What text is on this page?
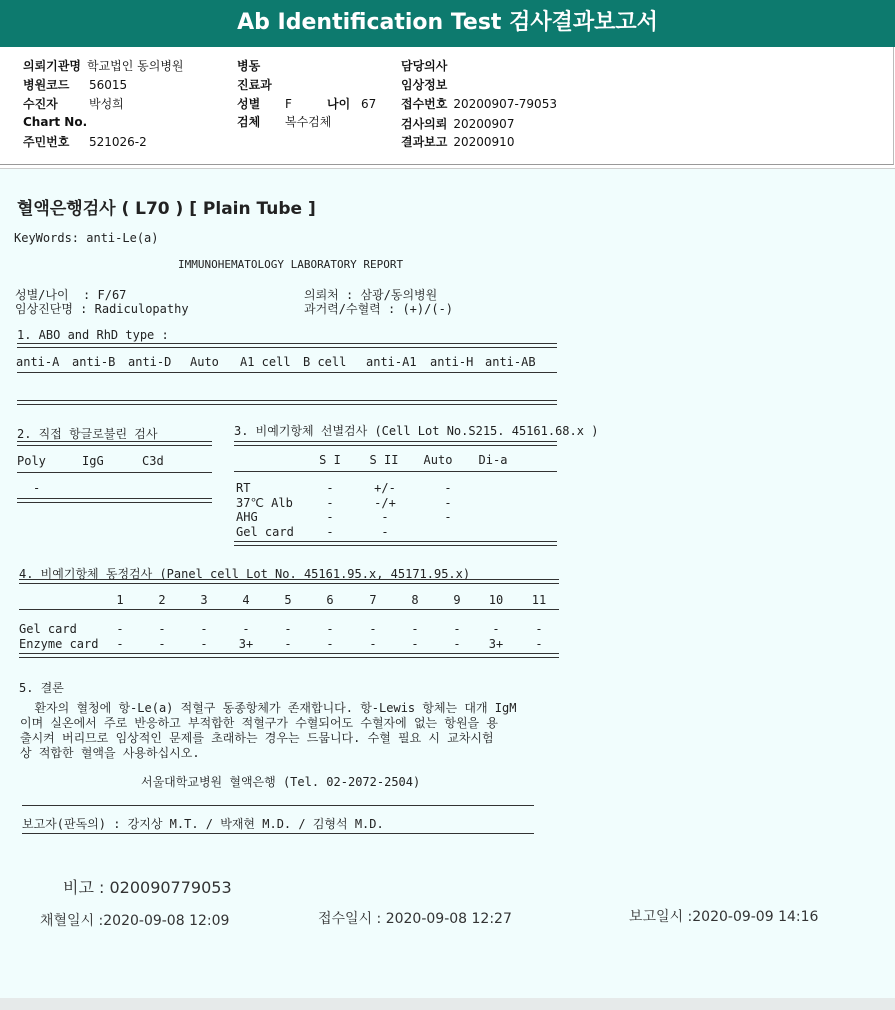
Ab Identification Test 검사결과보고서
의뢰기관명 학교법인 동의병원
병원코드 56015
수진자	박성희
Chart No.
주민번호 521026-2
병동
진료과
성별 F	나이 67
검체 복수검체
담당의사
임상정보
접수번호 20200907-79053
검사의뢰 20200907
결과보고 20200910
혈액은행검사 ( L70 ) [ Plain Tube ]
KeyWords: anti-Le(a)
IMMUNOHEMATOLOGY LABORATORY REPORT
성별/나이  : F/67
임상진단명 : Radiculopathy
의뢰처 : 삼광/동의병원
과거력/수혈력 : (+)/(-)
1. ABO and RhD type :
anti-A anti-B anti-D Auto A1 cell B cell anti-A1 anti-H anti-AB
2. 직접 항글로불린 검사
Poly	IgG	C3d
-
3. 비예기항체 선별검사 (Cell Lot No.S215. 45161.68.x )
S I	S II	Auto	Di-a
RT	-	+/-	-
37℃ Alb	-	-/+	-
AHG	-	-	-
Gel card	-	-
4. 비예기항체 동정검사 (Panel cell Lot No. 45161.95.x, 45171.95.x)
1	2	3	4	5	6	7	8	9	10	11
Gel card	-	-	-	-	-	-	-	-	-	-	-
Enzyme card	-	-	-	3+	-	-	-	-	-	3+	-
5. 결론
환자의 혈청에 항-Le(a) 적혈구 동종항체가 존재합니다. 항-Lewis 항체는 대개 IgM
이며 실온에서 주로 반응하고 부적합한 적혈구가 수혈되어도 수혈자에 없는 항원을 용
출시켜 버리므로 임상적인 문제를 초래하는 경우는 드뭅니다. 수혈 필요 시 교차시험
상 적합한 혈액을 사용하십시오.
서울대학교병원 혈액은행 (Tel. 02-2072-2504)
보고자(판독의) : 강지상 M.T. / 박재현 M.D. / 김형석 M.D.
비고 : 020090779053
채혈일시 :2020-09-08 12:09	접수일시 : 2020-09-08 12:27	보고일시 :2020-09-09 14:16
